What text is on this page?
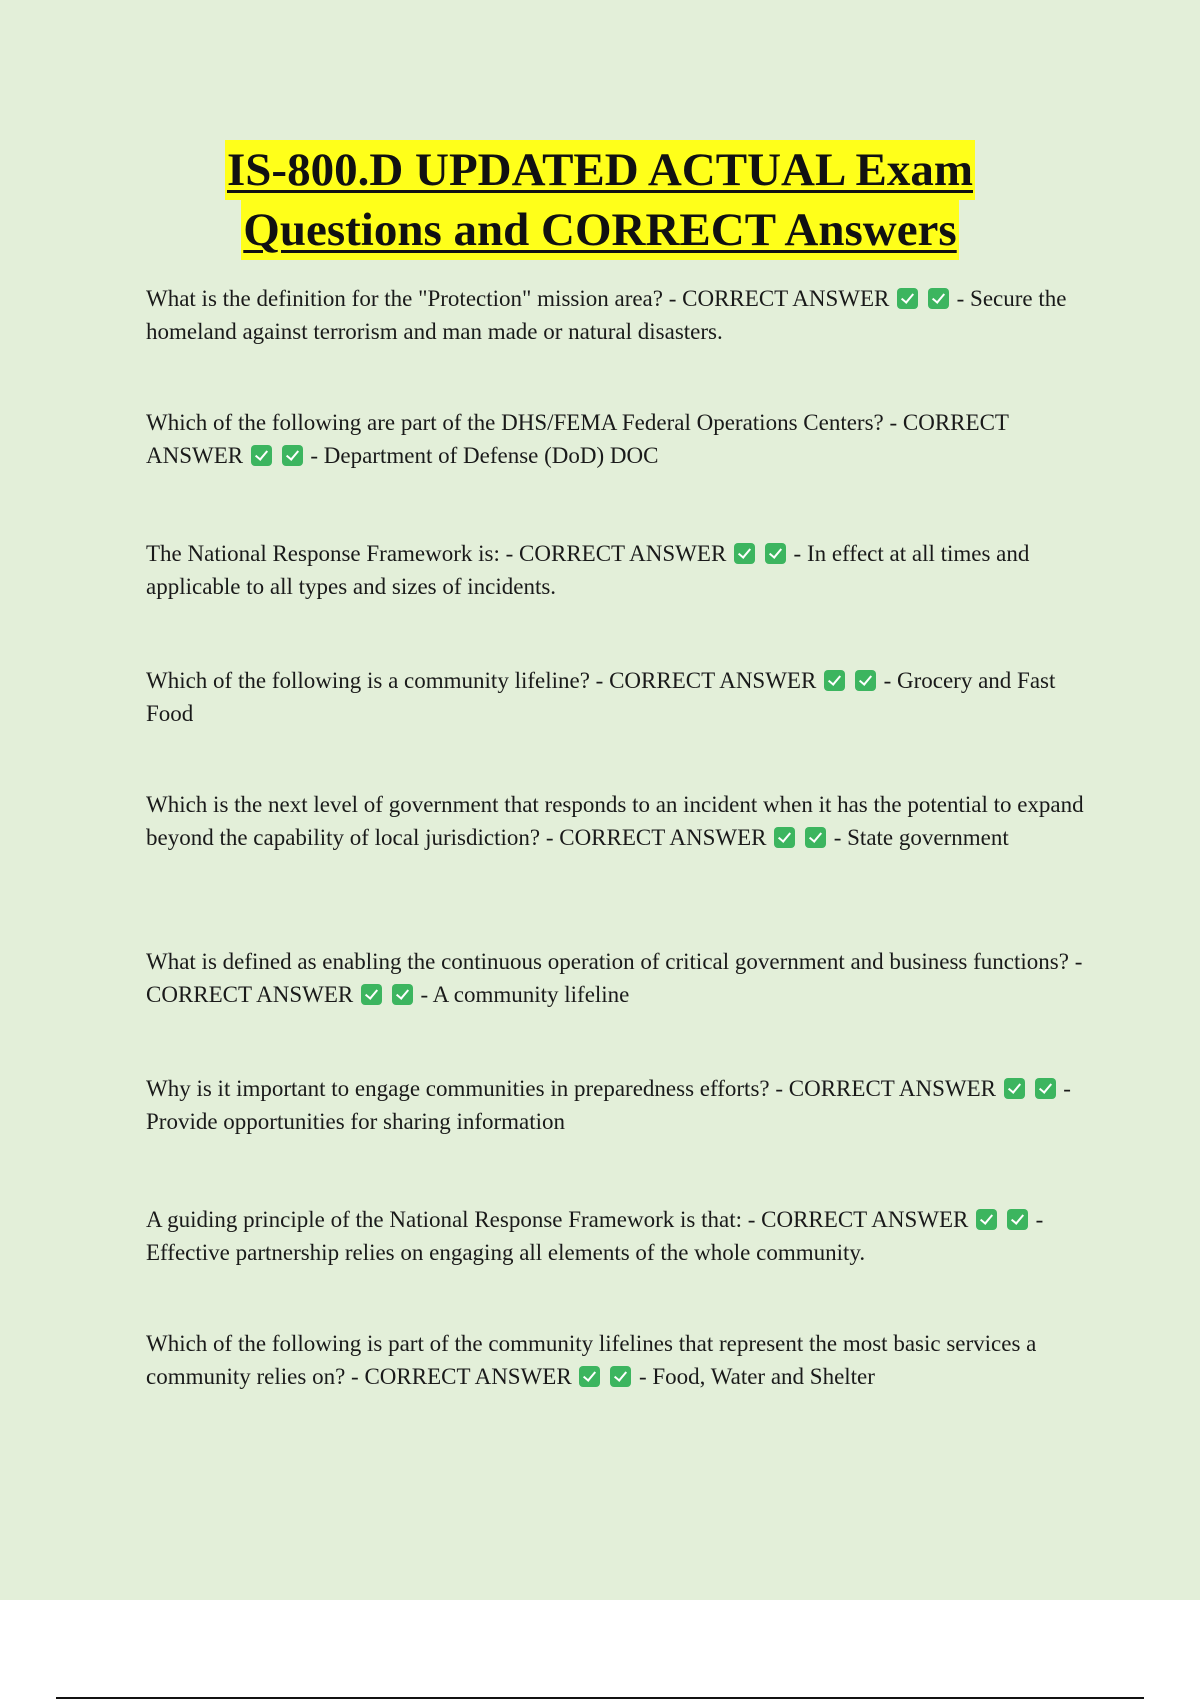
IS-800.D UPDATED ACTUAL Exam
Questions and CORRECT Answers
What is the definition for the "Protection" mission area? - CORRECT ANSWER	- Secure the homeland against terrorism and man made or natural disasters.
Which of the following are part of the DHS/FEMA Federal Operations Centers? - CORRECT ANSWER	- Department of Defense (DoD) DOC
The National Response Framework is: - CORRECT ANSWER	- In effect at all times and applicable to all types and sizes of incidents.
Which of the following is a community lifeline? - CORRECT ANSWER	- Grocery and Fast Food
Which is the next level of government that responds to an incident when it has the potential to expand beyond the capability of local jurisdiction? - CORRECT ANSWER	- State government
What is defined as enabling the continuous operation of critical government and business functions? - CORRECT ANSWER	- A community lifeline
Why is it important to engage communities in preparedness efforts? - CORRECT ANSWER	- Provide opportunities for sharing information
A guiding principle of the National Response Framework is that: - CORRECT ANSWER	- Effective partnership relies on engaging all elements of the whole community.
Which of the following is part of the community lifelines that represent the most basic services a community relies on? - CORRECT ANSWER	- Food, Water and Shelter
